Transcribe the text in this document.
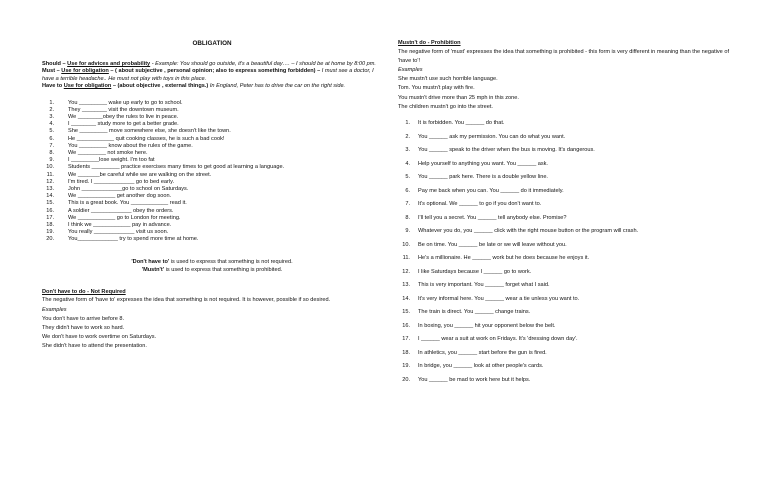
OBLIGATION

Should – Use for advices and probability - Example: You should go outside, it's a beautiful day…. – I should be at home by 8:00 pm.

Must – Use for obligation – ( about subjective , personal opinion; also to express something forbidden) – I must see a doctor, I have a terrible headache.. He must not play with toys in this place.

Have to Use for obligation – (about objective , external things.) In England, Peter has to drive the car on the right side.

1.	You _________ wake up early to go to school.
2.	They ________ visit the downtown museum.
3.	We ________obey the rules to live in peace.
4.	I ________ study more to get a better grade.
5.	She _________ move somewhere else, she doesn't like the town.
6.	He ____________ quit cooking classes, he is such a bad cook!
7.	You _________ know about the rules of the game.
8.	We _________ not smoke here.
9.	I _________lose weight. I'm too fat
10.	Students _________ practice exercises many times to get good at learning a language.
11.	We _______be careful while we are walking on the street.
12.	I'm tired. I _____________ go to bed early.
13.	John _____________go to school on Saturdays.
14.	We ____________ get another dog soon.
15.	This is a great book. You ____________ read it.
16.	A soldier _____________ obey the orders.
17.	We ____________ go to London for meeting.
18.	I think we ____________ pay in advance.
19.	You really _____________ visit us soon.
20.	You_____________ try to spend more time at home.
'Don't have to' is used to express that something is not required.
'Mustn't' is used to express that something is prohibited.
Don't have to do - Not Required

The negative form of 'have to' expresses the idea that something is not required. It is however, possible if so desired.

Examples

You don't have to arrive before 8.

They didn't have to work so hard.

We don't have to work overtime on Saturdays.

She didn't have to attend the presentation.

Mustn't do - Prohibition

The negative form of 'must' expresses the idea that something is prohibited - this form is very different in meaning than the negative of 'have to'!

Examples

She mustn't use such horrible language.

Tom. You mustn't play with fire.

You mustn't drive more than 25 mph in this zone.

The children mustn't go into the street.

1. It is forbidden. You ______ do that.
2. You ______ ask my permission. You can do what you want.
3. You ______ speak to the driver when the bus is moving. It's dangerous.
4. Help yourself to anything you want. You ______ ask.
5. You ______ park here. There is a double yellow line.
6. Pay me back when you can. You ______ do it immediately.
7. It's optional. We ______ to go if you don't want to.
8. I'll tell you a secret. You ______ tell anybody else. Promise?
9. Whatever you do, you ______ click with the right mouse button or the program will crash.
10. Be on time. You ______ be late or we will leave without you.
11. He's a millionaire. He ______ work but he does because he enjoys it.
12. I like Saturdays because I ______ go to work.
13. This is very important. You ______ forget what I said.
14. It's very informal here. You ______ wear a tie unless you want to.
15. The train is direct. You ______ change trains.
16. In boxing, you ______ hit your opponent below the belt.
17. I ______ wear a suit at work on Fridays. It's 'dressing down day'.
18. In athletics, you ______ start before the gun is fired.
19. In bridge, you ______ look at other people's cards.
20. You ______ be mad to work here but it helps.
